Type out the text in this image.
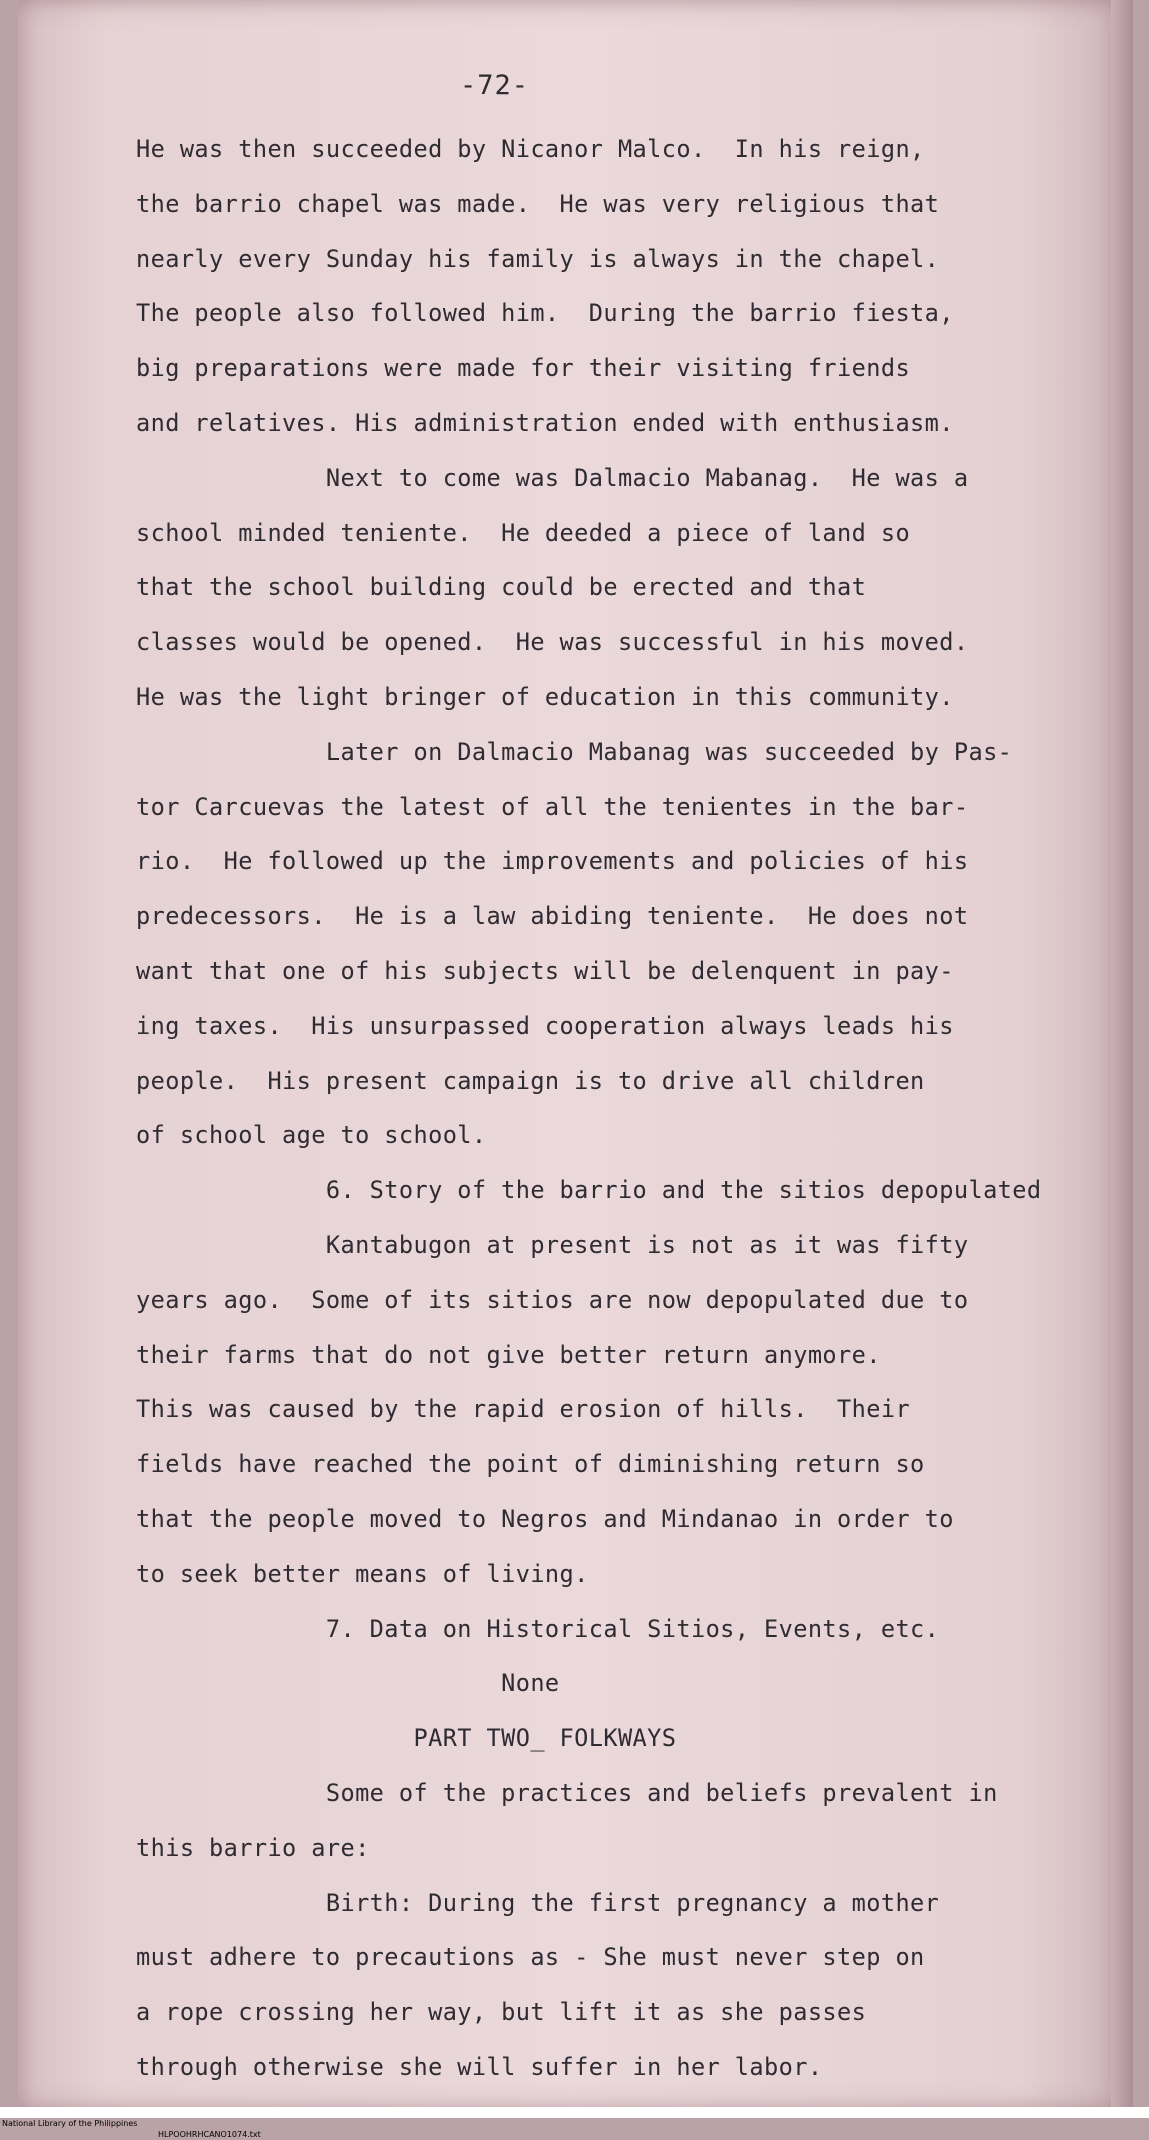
-72-
He was then succeeded by Nicanor Malco.  In his reign,
the barrio chapel was made.  He was very religious that
nearly every Sunday his family is always in the chapel.
The people also followed him.  During the barrio fiesta,
big preparations were made for their visiting friends
and relatives. His administration ended with enthusiasm.
Next to come was Dalmacio Mabanag.  He was a
school minded teniente.  He deeded a piece of land so
that the school building could be erected and that
classes would be opened.  He was successful in his moved.
He was the light bringer of education in this community.
Later on Dalmacio Mabanag was succeeded by Pas-
tor Carcuevas the latest of all the tenientes in the bar-
rio.  He followed up the improvements and policies of his
predecessors.  He is a law abiding teniente.  He does not
want that one of his subjects will be delenquent in pay-
ing taxes.  His unsurpassed cooperation always leads his
people.  His present campaign is to drive all children
of school age to school.
6. Story of the barrio and the sitios depopulated
Kantabugon at present is not as it was fifty
years ago.  Some of its sitios are now depopulated due to
their farms that do not give better return anymore.
This was caused by the rapid erosion of hills.  Their
fields have reached the point of diminishing return so
that the people moved to Negros and Mindanao in order to
to seek better means of living.
7. Data on Historical Sitios, Events, etc.
None
PART TWO_ FOLKWAYS
Some of the practices and beliefs prevalent in
this barrio are:
Birth: During the first pregnancy a mother
must adhere to precautions as - She must never step on
a rope crossing her way, but lift it as she passes
through otherwise she will suffer in her labor.

National Library of the Philippines

HLPOOHRHCANO1074.txt
